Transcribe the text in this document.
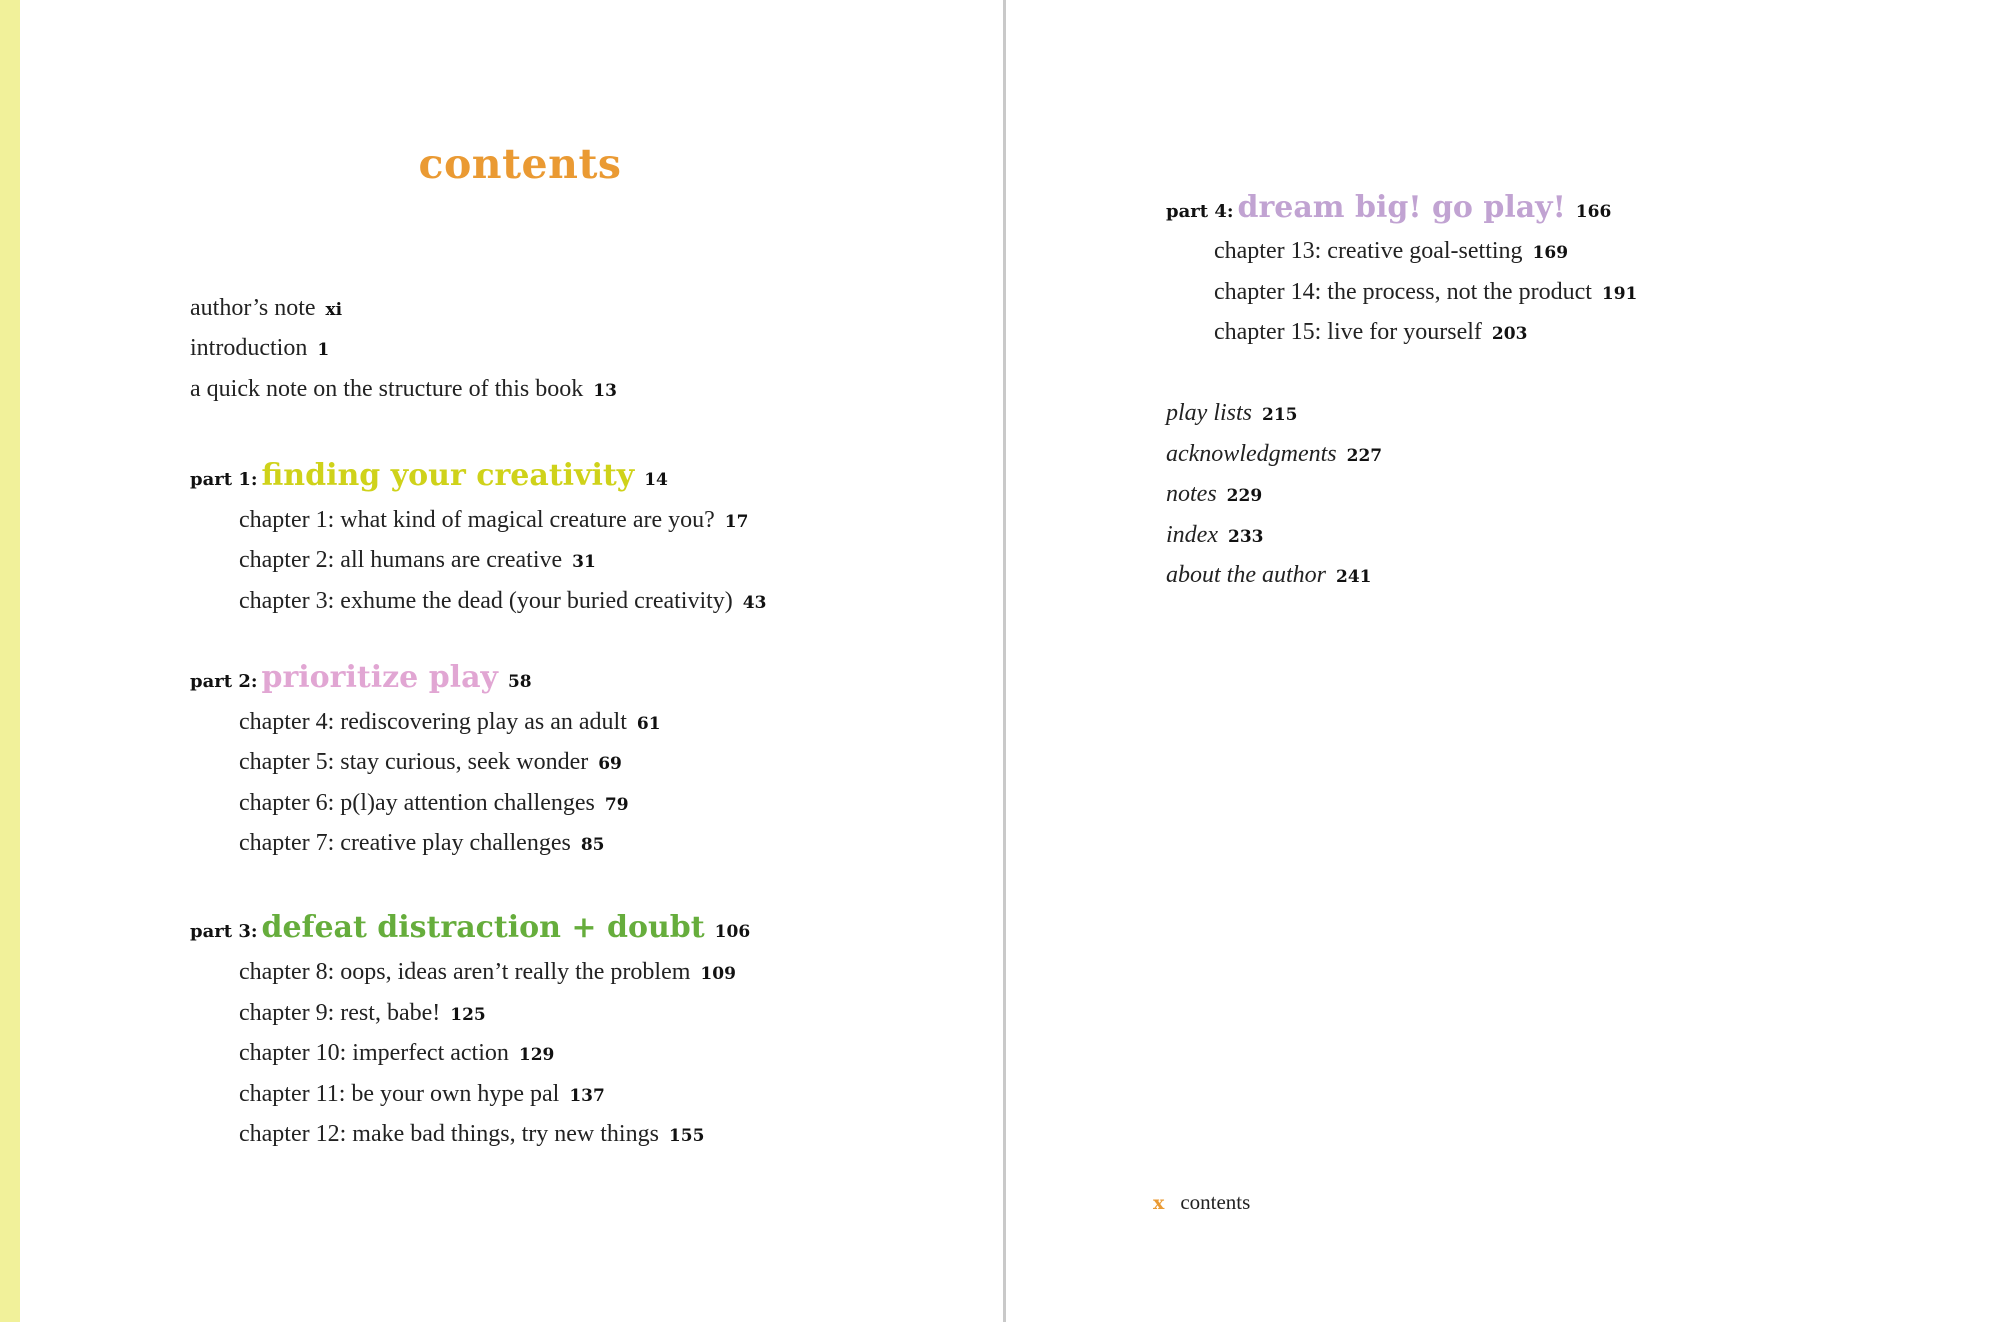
contents
author’s note xi
introduction 1
a quick note on the structure of this book 13
part 1: finding your creativity 14
chapter 1: what kind of magical creature are you? 17
chapter 2: all humans are creative 31
chapter 3: exhume the dead (your buried creativity) 43
part 2: prioritize play 58
chapter 4: rediscovering play as an adult 61
chapter 5: stay curious, seek wonder 69
chapter 6: p(l)ay attention challenges 79
chapter 7: creative play challenges 85
part 3: defeat distraction + doubt 106
chapter 8: oops, ideas aren’t really the problem 109
chapter 9: rest, babe! 125
chapter 10: imperfect action 129
chapter 11: be your own hype pal 137
chapter 12: make bad things, try new things 155
part 4: dream big! go play! 166
chapter 13: creative goal-setting 169
chapter 14: the process, not the product 191
chapter 15: live for yourself 203
play lists 215
acknowledgments 227
notes 229
index 233
about the author 241
x contents
